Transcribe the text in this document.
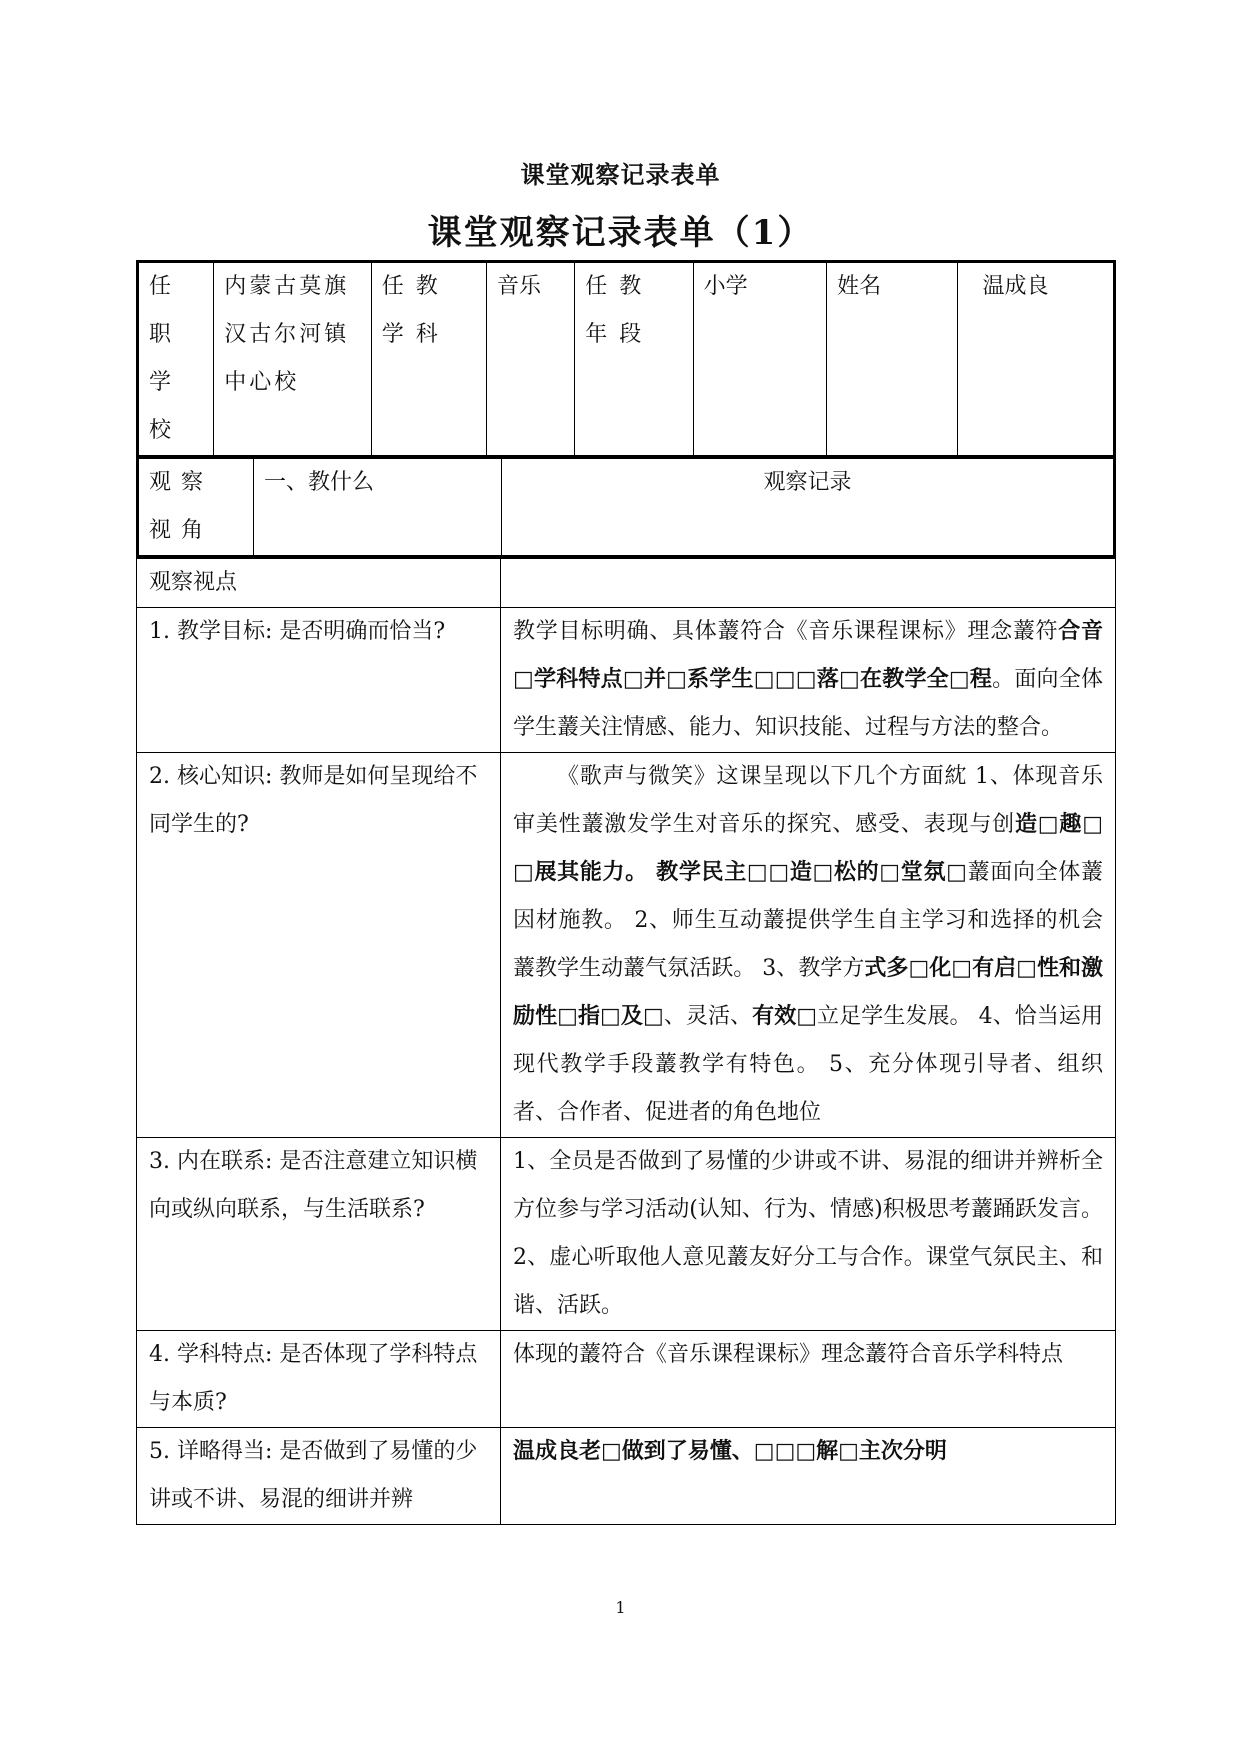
课堂观察记录表单
课堂观察记录表单（1）
任职学校	内蒙古莫旗汉古尔河镇中心校	任教学科	音乐	任教年段	小学	姓名	温成良
观察视角	一、教什么	观察记录
观察视点	
1. 教学目标: 是否明确而恰当?	教学目标明确、具体䕺符合《音乐课程课标》理念䕺符合音□学科特点□并□系学生□□□落□在教学全□程。面向全体学生䕺关注情感、能力、知识技能、过程与方法的整合。
2. 核心知识: 教师是如何呈现给不同学生的?	《歌声与微笑》这课呈现以下几个方面紞 1、体现音乐审美性䕺激发学生对音乐的探究、感受、表现与创造□趣□□展其能力。 教学民主□□造□松的□堂氛□䕺面向全体䕺因材施教。 2、师生互动䕺提供学生自主学习和选择的机会䕺教学生动䕺气氛活跃。 3、教学方式多□化□有启□性和激励性□指□及□、灵活、有效□立足学生发展。 4、恰当运用现代教学手段䕺教学有特色。 5、充分体现引导者、组织者、合作者、促进者的角色地位
3. 内在联系: 是否注意建立知识横向或纵向联系，与生活联系?	1、全员是否做到了易懂的少讲或不讲、易混的细讲并辨析全方位参与学习活动(认知、行为、情感)积极思考䕺踊跃发言。 2、虚心听取他人意见䕺友好分工与合作。课堂气氛民主、和谐、活跃。
4. 学科特点: 是否体现了学科特点与本质?	体现的䕺符合《音乐课程课标》理念䕺符合音乐学科特点
5. 详略得当: 是否做到了易懂的少讲或不讲、易混的细讲并辨	温成良老□做到了易懂、□□□解□主次分明
1
